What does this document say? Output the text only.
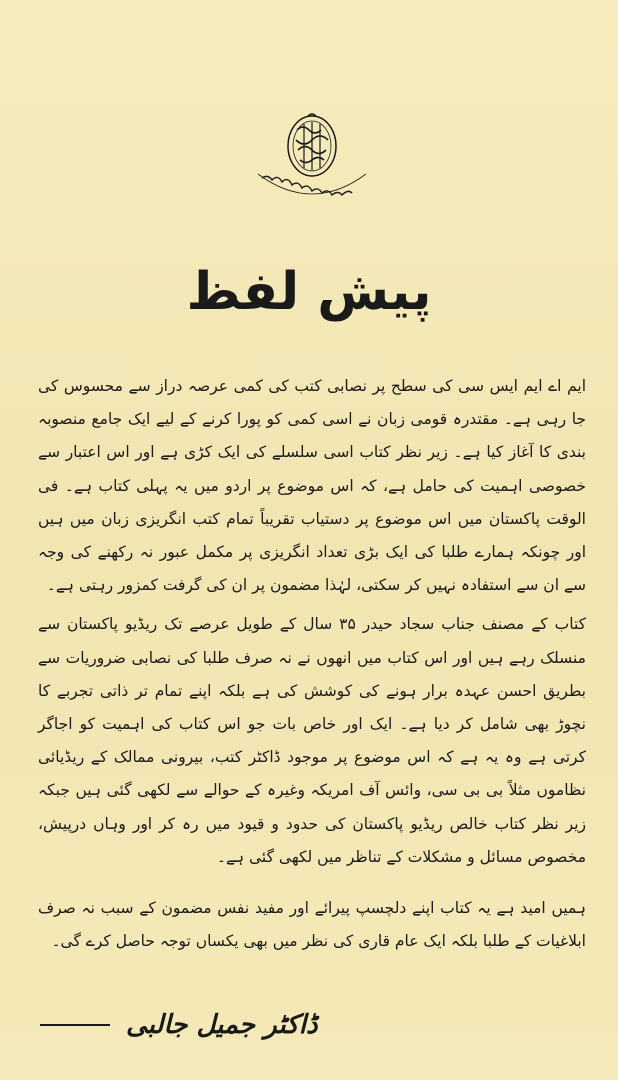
پیش لفظ

ایم اے ایم ایس سی کی سطح پر نصابی کتب کی کمی عرصہ دراز سے محسوس کی جا رہی ہے۔ مقتدرہ قومی زبان نے اسی کمی کو پورا کرنے کے لیے ایک جامع منصوبہ بندی کا آغاز کیا ہے۔ زیر نظر کتاب اسی سلسلے کی ایک کڑی ہے اور اس اعتبار سے خصوصی اہمیت کی حامل ہے، کہ اس موضوع پر اردو میں یہ پہلی کتاب ہے۔ فی الوقت پاکستان میں اس موضوع پر دستیاب تقریباً تمام کتب انگریزی زبان میں ہیں اور چونکہ ہمارے طلبا کی ایک بڑی تعداد انگریزی پر مکمل عبور نہ رکھنے کی وجہ سے ان سے استفادہ نہیں کر سکتی، لہٰذا مضمون پر ان کی گرفت کمزور رہتی ہے۔

کتاب کے مصنف جناب سجاد حیدر ۳۵ سال کے طویل عرصے تک ریڈیو پاکستان سے منسلک رہے ہیں اور اس کتاب میں انھوں نے نہ صرف طلبا کی نصابی ضروریات سے بطریق احسن عہدہ برار ہونے کی کوشش کی ہے بلکہ اپنے تمام تر ذاتی تجربے کا نچوڑ بھی شامل کر دیا ہے۔ ایک اور خاص بات جو اس کتاب کی اہمیت کو اجاگر کرتی ہے وہ یہ ہے کہ اس موضوع پر موجود ڈاکٹر کتب، بیرونی ممالک کے ریڈیائی نظاموں مثلاً بی بی سی، وائس آف امریکہ وغیرہ کے حوالے سے لکھی گئی ہیں جبکہ زیر نظر کتاب خالص ریڈیو پاکستان کی حدود و قیود میں رہ کر اور وہاں درپیش، مخصوص مسائل و مشکلات کے تناظر میں لکھی گئی ہے۔

ہمیں امید ہے یہ کتاب اپنے دلچسپ پیرائے اور مفید نفس مضمون کے سبب نہ صرف ابلاغیات کے طلبا بلکہ ایک عام قاری کی نظر میں بھی یکساں توجہ حاصل کرے گی۔

ڈاکٹر جمیل جالبی
